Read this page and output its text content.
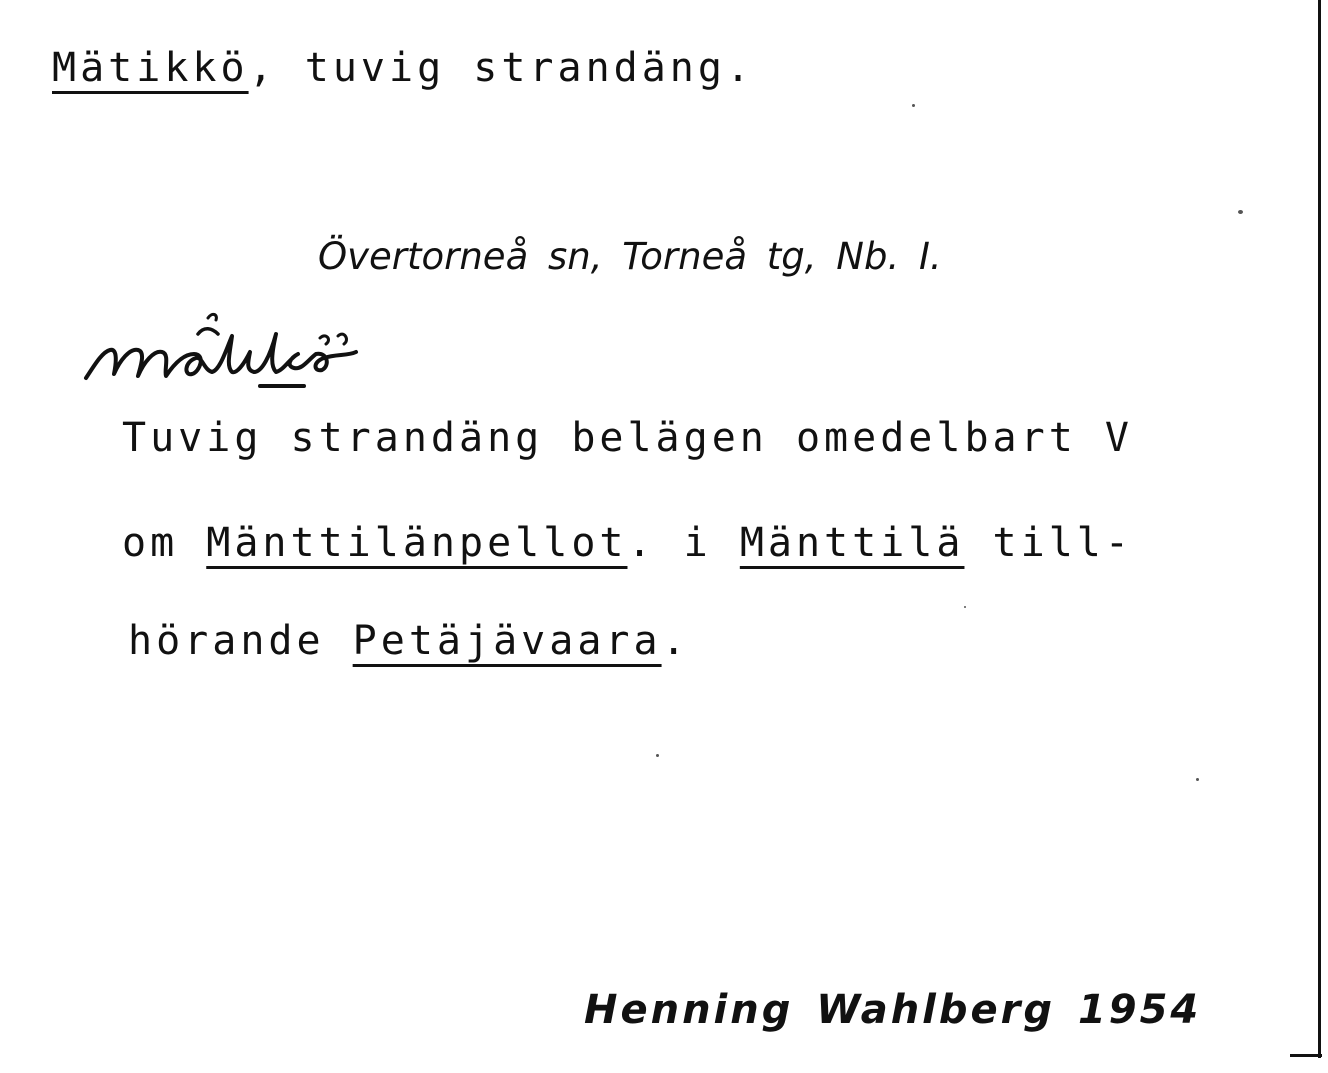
Mätikkö, tuvig strandäng.
Övertorneå sn, Torneå tg, Nb. I.
Tuvig strandäng belägen omedelbart V
om Mänttilänpellot. i Mänttilä till-
hörande Petäjävaara.
Henning Wahlberg 1954
